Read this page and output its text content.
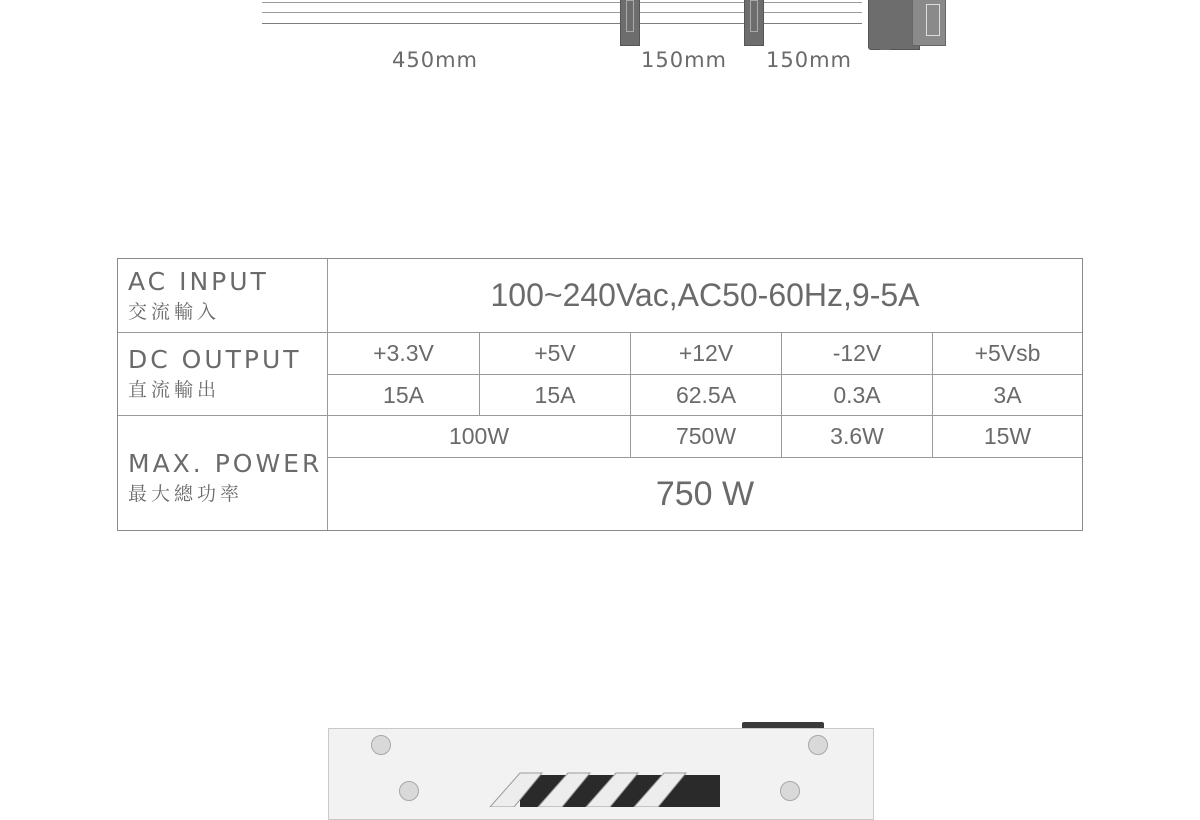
450mm	150mm 150mm
AC INPUT
交流輸入	100~240Vac,AC50-60Hz,9-5A
DC OUTPUT
直流輸出
+3.3V	+5V	+12V	-12V	+5Vsb
15A	15A	62.5A	0.3A	3A
MAX. POWER
最大總功率
100W	750W	3.6W	15W
750 W
